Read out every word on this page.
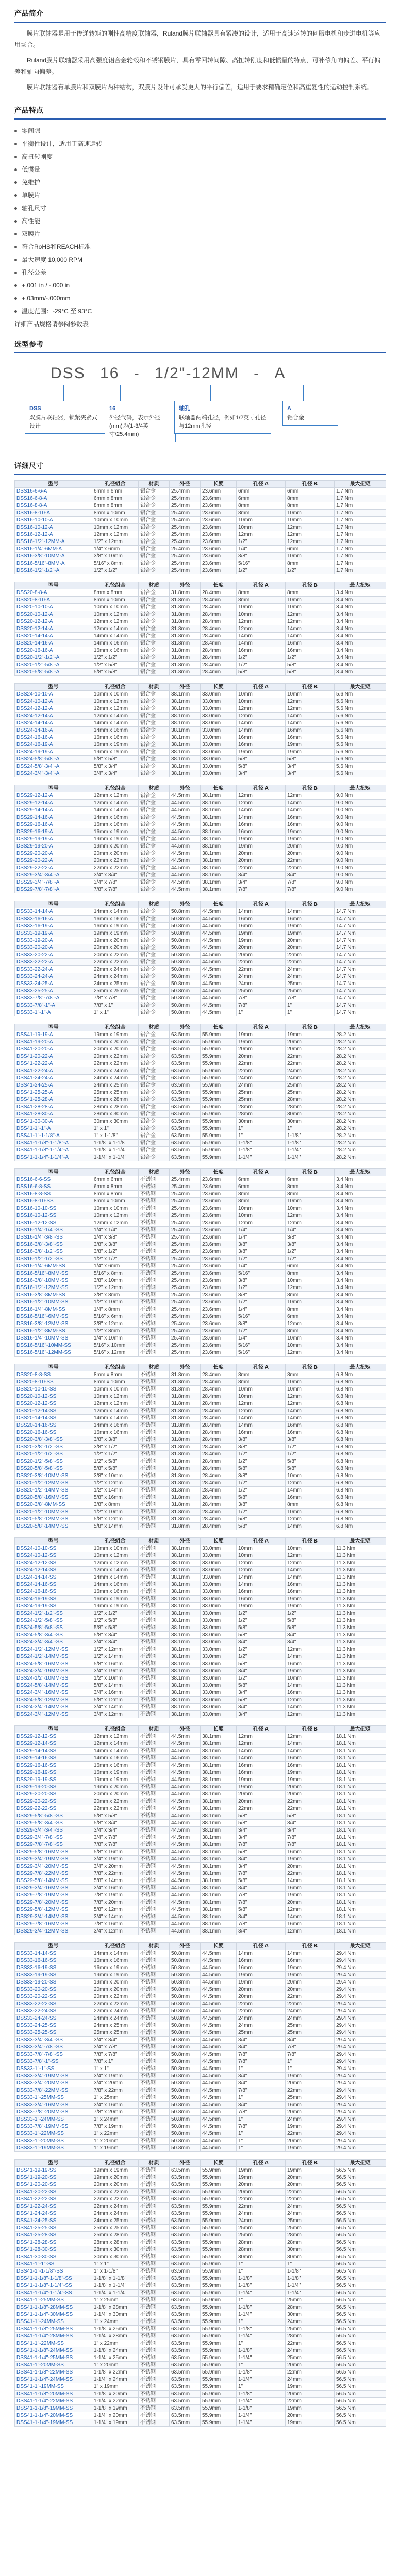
产品简介

膜片联轴器是用于传递转矩的刚性高精度联轴器，Ruland膜片联轴器具有紧凑的设计，适用于高速运转的伺服电机和步进电机等应用场合。

Ruland膜片联轴器采用高强度铝合金轮毂和不锈钢膜片，具有零回转间隙、高扭转刚度和低惯量的特点，可补偿角向偏差、平行偏差和轴向偏差。

膜片联轴器有单膜片和双膜片两种结构，双膜片设计可承受更大的平行偏差，适用于要求精确定位和高重复性的运动控制系统。

产品特点
零间隙
平衡性设计，适用于高速运转
高扭转刚度
低惯量
免维护
单膜片
轴孔尺寸
高性能
双膜片
符合RoHS和REACH标准
最大速度 10,000 RPM
孔径公差
+.001 in / -.000 in
+.03mm/-.000mm
温度范围：-29°C 至 93°C
详细产品规格请参阅参数表
选型参考
DSS 16 - 1/2"-12MM - A
DSS
双膜片联轴器，锁紧夹紧式设计
16
外径代码，表示外径(mm)为(1-3/4英寸/25.4mm)
轴孔
联轴器两端孔径，例如1/2英寸孔径与12mm孔径
A
铝合金
详细尺寸
型号	孔径组合	材质	外径	长度	孔径 A	孔径 B	最大扭矩
DSS16-6-6-A	6mm x 6mm	铝合金	25.4mm	23.6mm	6mm	6mm	1.7 Nm
DSS16-6-8-A	6mm x 8mm	铝合金	25.4mm	23.6mm	6mm	8mm	1.7 Nm
DSS16-8-8-A	8mm x 8mm	铝合金	25.4mm	23.6mm	8mm	8mm	1.7 Nm
DSS16-8-10-A	8mm x 10mm	铝合金	25.4mm	23.6mm	8mm	10mm	1.7 Nm
DSS16-10-10-A	10mm x 10mm	铝合金	25.4mm	23.6mm	10mm	10mm	1.7 Nm
DSS16-10-12-A	10mm x 12mm	铝合金	25.4mm	23.6mm	10mm	12mm	1.7 Nm
DSS16-12-12-A	12mm x 12mm	铝合金	25.4mm	23.6mm	12mm	12mm	1.7 Nm
DSS16-1/2"-12MM-A	1/2" x 12mm	铝合金	25.4mm	23.6mm	1/2"	12mm	1.7 Nm
DSS16-1/4"-6MM-A	1/4" x 6mm	铝合金	25.4mm	23.6mm	1/4"	6mm	1.7 Nm
DSS16-3/8"-10MM-A	3/8" x 10mm	铝合金	25.4mm	23.6mm	3/8"	10mm	1.7 Nm
DSS16-5/16"-8MM-A	5/16" x 8mm	铝合金	25.4mm	23.6mm	5/16"	8mm	1.7 Nm
DSS16-1/2"-1/2"-A	1/2" x 1/2"	铝合金	25.4mm	23.6mm	1/2"	1/2"	1.7 Nm
型号	孔径组合	材质	外径	长度	孔径 A	孔径 B	最大扭矩
DSS20-8-8-A	8mm x 8mm	铝合金	31.8mm	28.4mm	8mm	8mm	3.4 Nm
DSS20-8-10-A	8mm x 10mm	铝合金	31.8mm	28.4mm	8mm	10mm	3.4 Nm
DSS20-10-10-A	10mm x 10mm	铝合金	31.8mm	28.4mm	10mm	10mm	3.4 Nm
DSS20-10-12-A	10mm x 12mm	铝合金	31.8mm	28.4mm	10mm	12mm	3.4 Nm
DSS20-12-12-A	12mm x 12mm	铝合金	31.8mm	28.4mm	12mm	12mm	3.4 Nm
DSS20-12-14-A	12mm x 14mm	铝合金	31.8mm	28.4mm	12mm	14mm	3.4 Nm
DSS20-14-14-A	14mm x 14mm	铝合金	31.8mm	28.4mm	14mm	14mm	3.4 Nm
DSS20-14-16-A	14mm x 16mm	铝合金	31.8mm	28.4mm	14mm	16mm	3.4 Nm
DSS20-16-16-A	16mm x 16mm	铝合金	31.8mm	28.4mm	16mm	16mm	3.4 Nm
DSS20-1/2"-1/2"-A	1/2" x 1/2"	铝合金	31.8mm	28.4mm	1/2"	1/2"	3.4 Nm
DSS20-1/2"-5/8"-A	1/2" x 5/8"	铝合金	31.8mm	28.4mm	1/2"	5/8"	3.4 Nm
DSS20-5/8"-5/8"-A	5/8" x 5/8"	铝合金	31.8mm	28.4mm	5/8"	5/8"	3.4 Nm
型号	孔径组合	材质	外径	长度	孔径 A	孔径 B	最大扭矩
DSS24-10-10-A	10mm x 10mm	铝合金	38.1mm	33.0mm	10mm	10mm	5.6 Nm
DSS24-10-12-A	10mm x 12mm	铝合金	38.1mm	33.0mm	10mm	12mm	5.6 Nm
DSS24-12-12-A	12mm x 12mm	铝合金	38.1mm	33.0mm	12mm	12mm	5.6 Nm
DSS24-12-14-A	12mm x 14mm	铝合金	38.1mm	33.0mm	12mm	14mm	5.6 Nm
DSS24-14-14-A	14mm x 14mm	铝合金	38.1mm	33.0mm	14mm	14mm	5.6 Nm
DSS24-14-16-A	14mm x 16mm	铝合金	38.1mm	33.0mm	14mm	16mm	5.6 Nm
DSS24-16-16-A	16mm x 16mm	铝合金	38.1mm	33.0mm	16mm	16mm	5.6 Nm
DSS24-16-19-A	16mm x 19mm	铝合金	38.1mm	33.0mm	16mm	19mm	5.6 Nm
DSS24-19-19-A	19mm x 19mm	铝合金	38.1mm	33.0mm	19mm	19mm	5.6 Nm
DSS24-5/8"-5/8"-A	5/8" x 5/8"	铝合金	38.1mm	33.0mm	5/8"	5/8"	5.6 Nm
DSS24-5/8"-3/4"-A	5/8" x 3/4"	铝合金	38.1mm	33.0mm	5/8"	3/4"	5.6 Nm
DSS24-3/4"-3/4"-A	3/4" x 3/4"	铝合金	38.1mm	33.0mm	3/4"	3/4"	5.6 Nm
型号	孔径组合	材质	外径	长度	孔径 A	孔径 B	最大扭矩
DSS29-12-12-A	12mm x 12mm	铝合金	44.5mm	38.1mm	12mm	12mm	9.0 Nm
DSS29-12-14-A	12mm x 14mm	铝合金	44.5mm	38.1mm	12mm	14mm	9.0 Nm
DSS29-14-14-A	14mm x 14mm	铝合金	44.5mm	38.1mm	14mm	14mm	9.0 Nm
DSS29-14-16-A	14mm x 16mm	铝合金	44.5mm	38.1mm	14mm	16mm	9.0 Nm
DSS29-16-16-A	16mm x 16mm	铝合金	44.5mm	38.1mm	16mm	16mm	9.0 Nm
DSS29-16-19-A	16mm x 19mm	铝合金	44.5mm	38.1mm	16mm	19mm	9.0 Nm
DSS29-19-19-A	19mm x 19mm	铝合金	44.5mm	38.1mm	19mm	19mm	9.0 Nm
DSS29-19-20-A	19mm x 20mm	铝合金	44.5mm	38.1mm	19mm	20mm	9.0 Nm
DSS29-20-20-A	20mm x 20mm	铝合金	44.5mm	38.1mm	20mm	20mm	9.0 Nm
DSS29-20-22-A	20mm x 22mm	铝合金	44.5mm	38.1mm	20mm	22mm	9.0 Nm
DSS29-22-22-A	22mm x 22mm	铝合金	44.5mm	38.1mm	22mm	22mm	9.0 Nm
DSS29-3/4"-3/4"-A	3/4" x 3/4"	铝合金	44.5mm	38.1mm	3/4"	3/4"	9.0 Nm
DSS29-3/4"-7/8"-A	3/4" x 7/8"	铝合金	44.5mm	38.1mm	3/4"	7/8"	9.0 Nm
DSS29-7/8"-7/8"-A	7/8" x 7/8"	铝合金	44.5mm	38.1mm	7/8"	7/8"	9.0 Nm
型号	孔径组合	材质	外径	长度	孔径 A	孔径 B	最大扭矩
DSS33-14-14-A	14mm x 14mm	铝合金	50.8mm	44.5mm	14mm	14mm	14.7 Nm
DSS33-16-16-A	16mm x 16mm	铝合金	50.8mm	44.5mm	16mm	16mm	14.7 Nm
DSS33-16-19-A	16mm x 19mm	铝合金	50.8mm	44.5mm	16mm	19mm	14.7 Nm
DSS33-19-19-A	19mm x 19mm	铝合金	50.8mm	44.5mm	19mm	19mm	14.7 Nm
DSS33-19-20-A	19mm x 20mm	铝合金	50.8mm	44.5mm	19mm	20mm	14.7 Nm
DSS33-20-20-A	20mm x 20mm	铝合金	50.8mm	44.5mm	20mm	20mm	14.7 Nm
DSS33-20-22-A	20mm x 22mm	铝合金	50.8mm	44.5mm	20mm	22mm	14.7 Nm
DSS33-22-22-A	22mm x 22mm	铝合金	50.8mm	44.5mm	22mm	22mm	14.7 Nm
DSS33-22-24-A	22mm x 24mm	铝合金	50.8mm	44.5mm	22mm	24mm	14.7 Nm
DSS33-24-24-A	24mm x 24mm	铝合金	50.8mm	44.5mm	24mm	24mm	14.7 Nm
DSS33-24-25-A	24mm x 25mm	铝合金	50.8mm	44.5mm	24mm	25mm	14.7 Nm
DSS33-25-25-A	25mm x 25mm	铝合金	50.8mm	44.5mm	25mm	25mm	14.7 Nm
DSS33-7/8"-7/8"-A	7/8" x 7/8"	铝合金	50.8mm	44.5mm	7/8"	7/8"	14.7 Nm
DSS33-7/8"-1"-A	7/8" x 1"	铝合金	50.8mm	44.5mm	7/8"	1"	14.7 Nm
DSS33-1"-1"-A	1" x 1"	铝合金	50.8mm	44.5mm	1"	1"	14.7 Nm
型号	孔径组合	材质	外径	长度	孔径 A	孔径 B	最大扭矩
DSS41-19-19-A	19mm x 19mm	铝合金	63.5mm	55.9mm	19mm	19mm	28.2 Nm
DSS41-19-20-A	19mm x 20mm	铝合金	63.5mm	55.9mm	19mm	20mm	28.2 Nm
DSS41-20-20-A	20mm x 20mm	铝合金	63.5mm	55.9mm	20mm	20mm	28.2 Nm
DSS41-20-22-A	20mm x 22mm	铝合金	63.5mm	55.9mm	20mm	22mm	28.2 Nm
DSS41-22-22-A	22mm x 22mm	铝合金	63.5mm	55.9mm	22mm	22mm	28.2 Nm
DSS41-22-24-A	22mm x 24mm	铝合金	63.5mm	55.9mm	22mm	24mm	28.2 Nm
DSS41-24-24-A	24mm x 24mm	铝合金	63.5mm	55.9mm	24mm	24mm	28.2 Nm
DSS41-24-25-A	24mm x 25mm	铝合金	63.5mm	55.9mm	24mm	25mm	28.2 Nm
DSS41-25-25-A	25mm x 25mm	铝合金	63.5mm	55.9mm	25mm	25mm	28.2 Nm
DSS41-25-28-A	25mm x 28mm	铝合金	63.5mm	55.9mm	25mm	28mm	28.2 Nm
DSS41-28-28-A	28mm x 28mm	铝合金	63.5mm	55.9mm	28mm	28mm	28.2 Nm
DSS41-28-30-A	28mm x 30mm	铝合金	63.5mm	55.9mm	28mm	30mm	28.2 Nm
DSS41-30-30-A	30mm x 30mm	铝合金	63.5mm	55.9mm	30mm	30mm	28.2 Nm
DSS41-1"-1"-A	1" x 1"	铝合金	63.5mm	55.9mm	1"	1"	28.2 Nm
DSS41-1"-1-1/8"-A	1" x 1-1/8"	铝合金	63.5mm	55.9mm	1"	1-1/8"	28.2 Nm
DSS41-1-1/8"-1-1/8"-A	1-1/8" x 1-1/8"	铝合金	63.5mm	55.9mm	1-1/8"	1-1/8"	28.2 Nm
DSS41-1-1/8"-1-1/4"-A	1-1/8" x 1-1/4"	铝合金	63.5mm	55.9mm	1-1/8"	1-1/4"	28.2 Nm
DSS41-1-1/4"-1-1/4"-A	1-1/4" x 1-1/4"	铝合金	63.5mm	55.9mm	1-1/4"	1-1/4"	28.2 Nm
型号	孔径组合	材质	外径	长度	孔径 A	孔径 B	最大扭矩
DSS16-6-6-SS	6mm x 6mm	不锈钢	25.4mm	23.6mm	6mm	6mm	3.4 Nm
DSS16-6-8-SS	6mm x 8mm	不锈钢	25.4mm	23.6mm	6mm	8mm	3.4 Nm
DSS16-8-8-SS	8mm x 8mm	不锈钢	25.4mm	23.6mm	8mm	8mm	3.4 Nm
DSS16-8-10-SS	8mm x 10mm	不锈钢	25.4mm	23.6mm	8mm	10mm	3.4 Nm
DSS16-10-10-SS	10mm x 10mm	不锈钢	25.4mm	23.6mm	10mm	10mm	3.4 Nm
DSS16-10-12-SS	10mm x 12mm	不锈钢	25.4mm	23.6mm	10mm	12mm	3.4 Nm
DSS16-12-12-SS	12mm x 12mm	不锈钢	25.4mm	23.6mm	12mm	12mm	3.4 Nm
DSS16-1/4"-1/4"-SS	1/4" x 1/4"	不锈钢	25.4mm	23.6mm	1/4"	1/4"	3.4 Nm
DSS16-1/4"-3/8"-SS	1/4" x 3/8"	不锈钢	25.4mm	23.6mm	1/4"	3/8"	3.4 Nm
DSS16-3/8"-3/8"-SS	3/8" x 3/8"	不锈钢	25.4mm	23.6mm	3/8"	3/8"	3.4 Nm
DSS16-3/8"-1/2"-SS	3/8" x 1/2"	不锈钢	25.4mm	23.6mm	3/8"	1/2"	3.4 Nm
DSS16-1/2"-1/2"-SS	1/2" x 1/2"	不锈钢	25.4mm	23.6mm	1/2"	1/2"	3.4 Nm
DSS16-1/4"-6MM-SS	1/4" x 6mm	不锈钢	25.4mm	23.6mm	1/4"	6mm	3.4 Nm
DSS16-5/16"-8MM-SS	5/16" x 8mm	不锈钢	25.4mm	23.6mm	5/16"	8mm	3.4 Nm
DSS16-3/8"-10MM-SS	3/8" x 10mm	不锈钢	25.4mm	23.6mm	3/8"	10mm	3.4 Nm
DSS16-1/2"-12MM-SS	1/2" x 12mm	不锈钢	25.4mm	23.6mm	1/2"	12mm	3.4 Nm
DSS16-3/8"-8MM-SS	3/8" x 8mm	不锈钢	25.4mm	23.6mm	3/8"	8mm	3.4 Nm
DSS16-1/2"-10MM-SS	1/2" x 10mm	不锈钢	25.4mm	23.6mm	1/2"	10mm	3.4 Nm
DSS16-1/4"-8MM-SS	1/4" x 8mm	不锈钢	25.4mm	23.6mm	1/4"	8mm	3.4 Nm
DSS16-5/16"-6MM-SS	5/16" x 6mm	不锈钢	25.4mm	23.6mm	5/16"	6mm	3.4 Nm
DSS16-3/8"-12MM-SS	3/8" x 12mm	不锈钢	25.4mm	23.6mm	3/8"	12mm	3.4 Nm
DSS16-1/2"-8MM-SS	1/2" x 8mm	不锈钢	25.4mm	23.6mm	1/2"	8mm	3.4 Nm
DSS16-1/4"-10MM-SS	1/4" x 10mm	不锈钢	25.4mm	23.6mm	1/4"	10mm	3.4 Nm
DSS16-5/16"-10MM-SS	5/16" x 10mm	不锈钢	25.4mm	23.6mm	5/16"	10mm	3.4 Nm
DSS16-5/16"-12MM-SS	5/16" x 12mm	不锈钢	25.4mm	23.6mm	5/16"	12mm	3.4 Nm
型号	孔径组合	材质	外径	长度	孔径 A	孔径 B	最大扭矩
DSS20-8-8-SS	8mm x 8mm	不锈钢	31.8mm	28.4mm	8mm	8mm	6.8 Nm
DSS20-8-10-SS	8mm x 10mm	不锈钢	31.8mm	28.4mm	8mm	10mm	6.8 Nm
DSS20-10-10-SS	10mm x 10mm	不锈钢	31.8mm	28.4mm	10mm	10mm	6.8 Nm
DSS20-10-12-SS	10mm x 12mm	不锈钢	31.8mm	28.4mm	10mm	12mm	6.8 Nm
DSS20-12-12-SS	12mm x 12mm	不锈钢	31.8mm	28.4mm	12mm	12mm	6.8 Nm
DSS20-12-14-SS	12mm x 14mm	不锈钢	31.8mm	28.4mm	12mm	14mm	6.8 Nm
DSS20-14-14-SS	14mm x 14mm	不锈钢	31.8mm	28.4mm	14mm	14mm	6.8 Nm
DSS20-14-16-SS	14mm x 16mm	不锈钢	31.8mm	28.4mm	14mm	16mm	6.8 Nm
DSS20-16-16-SS	16mm x 16mm	不锈钢	31.8mm	28.4mm	16mm	16mm	6.8 Nm
DSS20-3/8"-3/8"-SS	3/8" x 3/8"	不锈钢	31.8mm	28.4mm	3/8"	3/8"	6.8 Nm
DSS20-3/8"-1/2"-SS	3/8" x 1/2"	不锈钢	31.8mm	28.4mm	3/8"	1/2"	6.8 Nm
DSS20-1/2"-1/2"-SS	1/2" x 1/2"	不锈钢	31.8mm	28.4mm	1/2"	1/2"	6.8 Nm
DSS20-1/2"-5/8"-SS	1/2" x 5/8"	不锈钢	31.8mm	28.4mm	1/2"	5/8"	6.8 Nm
DSS20-5/8"-5/8"-SS	5/8" x 5/8"	不锈钢	31.8mm	28.4mm	5/8"	5/8"	6.8 Nm
DSS20-3/8"-10MM-SS	3/8" x 10mm	不锈钢	31.8mm	28.4mm	3/8"	10mm	6.8 Nm
DSS20-1/2"-12MM-SS	1/2" x 12mm	不锈钢	31.8mm	28.4mm	1/2"	12mm	6.8 Nm
DSS20-1/2"-14MM-SS	1/2" x 14mm	不锈钢	31.8mm	28.4mm	1/2"	14mm	6.8 Nm
DSS20-5/8"-16MM-SS	5/8" x 16mm	不锈钢	31.8mm	28.4mm	5/8"	16mm	6.8 Nm
DSS20-3/8"-8MM-SS	3/8" x 8mm	不锈钢	31.8mm	28.4mm	3/8"	8mm	6.8 Nm
DSS20-1/2"-10MM-SS	1/2" x 10mm	不锈钢	31.8mm	28.4mm	1/2"	10mm	6.8 Nm
DSS20-5/8"-12MM-SS	5/8" x 12mm	不锈钢	31.8mm	28.4mm	5/8"	12mm	6.8 Nm
DSS20-5/8"-14MM-SS	5/8" x 14mm	不锈钢	31.8mm	28.4mm	5/8"	14mm	6.8 Nm
型号	孔径组合	材质	外径	长度	孔径 A	孔径 B	最大扭矩
DSS24-10-10-SS	10mm x 10mm	不锈钢	38.1mm	33.0mm	10mm	10mm	11.3 Nm
DSS24-10-12-SS	10mm x 12mm	不锈钢	38.1mm	33.0mm	10mm	12mm	11.3 Nm
DSS24-12-12-SS	12mm x 12mm	不锈钢	38.1mm	33.0mm	12mm	12mm	11.3 Nm
DSS24-12-14-SS	12mm x 14mm	不锈钢	38.1mm	33.0mm	12mm	14mm	11.3 Nm
DSS24-14-14-SS	14mm x 14mm	不锈钢	38.1mm	33.0mm	14mm	14mm	11.3 Nm
DSS24-14-16-SS	14mm x 16mm	不锈钢	38.1mm	33.0mm	14mm	16mm	11.3 Nm
DSS24-16-16-SS	16mm x 16mm	不锈钢	38.1mm	33.0mm	16mm	16mm	11.3 Nm
DSS24-16-19-SS	16mm x 19mm	不锈钢	38.1mm	33.0mm	16mm	19mm	11.3 Nm
DSS24-19-19-SS	19mm x 19mm	不锈钢	38.1mm	33.0mm	19mm	19mm	11.3 Nm
DSS24-1/2"-1/2"-SS	1/2" x 1/2"	不锈钢	38.1mm	33.0mm	1/2"	1/2"	11.3 Nm
DSS24-1/2"-5/8"-SS	1/2" x 5/8"	不锈钢	38.1mm	33.0mm	1/2"	5/8"	11.3 Nm
DSS24-5/8"-5/8"-SS	5/8" x 5/8"	不锈钢	38.1mm	33.0mm	5/8"	5/8"	11.3 Nm
DSS24-5/8"-3/4"-SS	5/8" x 3/4"	不锈钢	38.1mm	33.0mm	5/8"	3/4"	11.3 Nm
DSS24-3/4"-3/4"-SS	3/4" x 3/4"	不锈钢	38.1mm	33.0mm	3/4"	3/4"	11.3 Nm
DSS24-1/2"-12MM-SS	1/2" x 12mm	不锈钢	38.1mm	33.0mm	1/2"	12mm	11.3 Nm
DSS24-1/2"-14MM-SS	1/2" x 14mm	不锈钢	38.1mm	33.0mm	1/2"	14mm	11.3 Nm
DSS24-5/8"-16MM-SS	5/8" x 16mm	不锈钢	38.1mm	33.0mm	5/8"	16mm	11.3 Nm
DSS24-3/4"-19MM-SS	3/4" x 19mm	不锈钢	38.1mm	33.0mm	3/4"	19mm	11.3 Nm
DSS24-1/2"-10MM-SS	1/2" x 10mm	不锈钢	38.1mm	33.0mm	1/2"	10mm	11.3 Nm
DSS24-5/8"-14MM-SS	5/8" x 14mm	不锈钢	38.1mm	33.0mm	5/8"	14mm	11.3 Nm
DSS24-3/4"-16MM-SS	3/4" x 16mm	不锈钢	38.1mm	33.0mm	3/4"	16mm	11.3 Nm
DSS24-5/8"-12MM-SS	5/8" x 12mm	不锈钢	38.1mm	33.0mm	5/8"	12mm	11.3 Nm
DSS24-3/4"-14MM-SS	3/4" x 14mm	不锈钢	38.1mm	33.0mm	3/4"	14mm	11.3 Nm
DSS24-3/4"-12MM-SS	3/4" x 12mm	不锈钢	38.1mm	33.0mm	3/4"	12mm	11.3 Nm
型号	孔径组合	材质	外径	长度	孔径 A	孔径 B	最大扭矩
DSS29-12-12-SS	12mm x 12mm	不锈钢	44.5mm	38.1mm	12mm	12mm	18.1 Nm
DSS29-12-14-SS	12mm x 14mm	不锈钢	44.5mm	38.1mm	12mm	14mm	18.1 Nm
DSS29-14-14-SS	14mm x 14mm	不锈钢	44.5mm	38.1mm	14mm	14mm	18.1 Nm
DSS29-14-16-SS	14mm x 16mm	不锈钢	44.5mm	38.1mm	14mm	16mm	18.1 Nm
DSS29-16-16-SS	16mm x 16mm	不锈钢	44.5mm	38.1mm	16mm	16mm	18.1 Nm
DSS29-16-19-SS	16mm x 19mm	不锈钢	44.5mm	38.1mm	16mm	19mm	18.1 Nm
DSS29-19-19-SS	19mm x 19mm	不锈钢	44.5mm	38.1mm	19mm	19mm	18.1 Nm
DSS29-19-20-SS	19mm x 20mm	不锈钢	44.5mm	38.1mm	19mm	20mm	18.1 Nm
DSS29-20-20-SS	20mm x 20mm	不锈钢	44.5mm	38.1mm	20mm	20mm	18.1 Nm
DSS29-20-22-SS	20mm x 22mm	不锈钢	44.5mm	38.1mm	20mm	22mm	18.1 Nm
DSS29-22-22-SS	22mm x 22mm	不锈钢	44.5mm	38.1mm	22mm	22mm	18.1 Nm
DSS29-5/8"-5/8"-SS	5/8" x 5/8"	不锈钢	44.5mm	38.1mm	5/8"	5/8"	18.1 Nm
DSS29-5/8"-3/4"-SS	5/8" x 3/4"	不锈钢	44.5mm	38.1mm	5/8"	3/4"	18.1 Nm
DSS29-3/4"-3/4"-SS	3/4" x 3/4"	不锈钢	44.5mm	38.1mm	3/4"	3/4"	18.1 Nm
DSS29-3/4"-7/8"-SS	3/4" x 7/8"	不锈钢	44.5mm	38.1mm	3/4"	7/8"	18.1 Nm
DSS29-7/8"-7/8"-SS	7/8" x 7/8"	不锈钢	44.5mm	38.1mm	7/8"	7/8"	18.1 Nm
DSS29-5/8"-16MM-SS	5/8" x 16mm	不锈钢	44.5mm	38.1mm	5/8"	16mm	18.1 Nm
DSS29-3/4"-19MM-SS	3/4" x 19mm	不锈钢	44.5mm	38.1mm	3/4"	19mm	18.1 Nm
DSS29-3/4"-20MM-SS	3/4" x 20mm	不锈钢	44.5mm	38.1mm	3/4"	20mm	18.1 Nm
DSS29-7/8"-22MM-SS	7/8" x 22mm	不锈钢	44.5mm	38.1mm	7/8"	22mm	18.1 Nm
DSS29-5/8"-14MM-SS	5/8" x 14mm	不锈钢	44.5mm	38.1mm	5/8"	14mm	18.1 Nm
DSS29-3/4"-16MM-SS	3/4" x 16mm	不锈钢	44.5mm	38.1mm	3/4"	16mm	18.1 Nm
DSS29-7/8"-19MM-SS	7/8" x 19mm	不锈钢	44.5mm	38.1mm	7/8"	19mm	18.1 Nm
DSS29-7/8"-20MM-SS	7/8" x 20mm	不锈钢	44.5mm	38.1mm	7/8"	20mm	18.1 Nm
DSS29-5/8"-12MM-SS	5/8" x 12mm	不锈钢	44.5mm	38.1mm	5/8"	12mm	18.1 Nm
DSS29-3/4"-14MM-SS	3/4" x 14mm	不锈钢	44.5mm	38.1mm	3/4"	14mm	18.1 Nm
DSS29-7/8"-16MM-SS	7/8" x 16mm	不锈钢	44.5mm	38.1mm	7/8"	16mm	18.1 Nm
DSS29-3/4"-12MM-SS	3/4" x 12mm	不锈钢	44.5mm	38.1mm	3/4"	12mm	18.1 Nm
型号	孔径组合	材质	外径	长度	孔径 A	孔径 B	最大扭矩
DSS33-14-14-SS	14mm x 14mm	不锈钢	50.8mm	44.5mm	14mm	14mm	29.4 Nm
DSS33-16-16-SS	16mm x 16mm	不锈钢	50.8mm	44.5mm	16mm	16mm	29.4 Nm
DSS33-16-19-SS	16mm x 19mm	不锈钢	50.8mm	44.5mm	16mm	19mm	29.4 Nm
DSS33-19-19-SS	19mm x 19mm	不锈钢	50.8mm	44.5mm	19mm	19mm	29.4 Nm
DSS33-19-20-SS	19mm x 20mm	不锈钢	50.8mm	44.5mm	19mm	20mm	29.4 Nm
DSS33-20-20-SS	20mm x 20mm	不锈钢	50.8mm	44.5mm	20mm	20mm	29.4 Nm
DSS33-20-22-SS	20mm x 22mm	不锈钢	50.8mm	44.5mm	20mm	22mm	29.4 Nm
DSS33-22-22-SS	22mm x 22mm	不锈钢	50.8mm	44.5mm	22mm	22mm	29.4 Nm
DSS33-22-24-SS	22mm x 24mm	不锈钢	50.8mm	44.5mm	22mm	24mm	29.4 Nm
DSS33-24-24-SS	24mm x 24mm	不锈钢	50.8mm	44.5mm	24mm	24mm	29.4 Nm
DSS33-24-25-SS	24mm x 25mm	不锈钢	50.8mm	44.5mm	24mm	25mm	29.4 Nm
DSS33-25-25-SS	25mm x 25mm	不锈钢	50.8mm	44.5mm	25mm	25mm	29.4 Nm
DSS33-3/4"-3/4"-SS	3/4" x 3/4"	不锈钢	50.8mm	44.5mm	3/4"	3/4"	29.4 Nm
DSS33-3/4"-7/8"-SS	3/4" x 7/8"	不锈钢	50.8mm	44.5mm	3/4"	7/8"	29.4 Nm
DSS33-7/8"-7/8"-SS	7/8" x 7/8"	不锈钢	50.8mm	44.5mm	7/8"	7/8"	29.4 Nm
DSS33-7/8"-1"-SS	7/8" x 1"	不锈钢	50.8mm	44.5mm	7/8"	1"	29.4 Nm
DSS33-1"-1"-SS	1" x 1"	不锈钢	50.8mm	44.5mm	1"	1"	29.4 Nm
DSS33-3/4"-19MM-SS	3/4" x 19mm	不锈钢	50.8mm	44.5mm	3/4"	19mm	29.4 Nm
DSS33-3/4"-20MM-SS	3/4" x 20mm	不锈钢	50.8mm	44.5mm	3/4"	20mm	29.4 Nm
DSS33-7/8"-22MM-SS	7/8" x 22mm	不锈钢	50.8mm	44.5mm	7/8"	22mm	29.4 Nm
DSS33-1"-25MM-SS	1" x 25mm	不锈钢	50.8mm	44.5mm	1"	25mm	29.4 Nm
DSS33-3/4"-16MM-SS	3/4" x 16mm	不锈钢	50.8mm	44.5mm	3/4"	16mm	29.4 Nm
DSS33-7/8"-20MM-SS	7/8" x 20mm	不锈钢	50.8mm	44.5mm	7/8"	20mm	29.4 Nm
DSS33-1"-24MM-SS	1" x 24mm	不锈钢	50.8mm	44.5mm	1"	24mm	29.4 Nm
DSS33-7/8"-19MM-SS	7/8" x 19mm	不锈钢	50.8mm	44.5mm	7/8"	19mm	29.4 Nm
DSS33-1"-22MM-SS	1" x 22mm	不锈钢	50.8mm	44.5mm	1"	22mm	29.4 Nm
DSS33-1"-20MM-SS	1" x 20mm	不锈钢	50.8mm	44.5mm	1"	20mm	29.4 Nm
DSS33-1"-19MM-SS	1" x 19mm	不锈钢	50.8mm	44.5mm	1"	19mm	29.4 Nm
型号	孔径组合	材质	外径	长度	孔径 A	孔径 B	最大扭矩
DSS41-19-19-SS	19mm x 19mm	不锈钢	63.5mm	55.9mm	19mm	19mm	56.5 Nm
DSS41-19-20-SS	19mm x 20mm	不锈钢	63.5mm	55.9mm	19mm	20mm	56.5 Nm
DSS41-20-20-SS	20mm x 20mm	不锈钢	63.5mm	55.9mm	20mm	20mm	56.5 Nm
DSS41-20-22-SS	20mm x 22mm	不锈钢	63.5mm	55.9mm	20mm	22mm	56.5 Nm
DSS41-22-22-SS	22mm x 22mm	不锈钢	63.5mm	55.9mm	22mm	22mm	56.5 Nm
DSS41-22-24-SS	22mm x 24mm	不锈钢	63.5mm	55.9mm	22mm	24mm	56.5 Nm
DSS41-24-24-SS	24mm x 24mm	不锈钢	63.5mm	55.9mm	24mm	24mm	56.5 Nm
DSS41-24-25-SS	24mm x 25mm	不锈钢	63.5mm	55.9mm	24mm	25mm	56.5 Nm
DSS41-25-25-SS	25mm x 25mm	不锈钢	63.5mm	55.9mm	25mm	25mm	56.5 Nm
DSS41-25-28-SS	25mm x 28mm	不锈钢	63.5mm	55.9mm	25mm	28mm	56.5 Nm
DSS41-28-28-SS	28mm x 28mm	不锈钢	63.5mm	55.9mm	28mm	28mm	56.5 Nm
DSS41-28-30-SS	28mm x 30mm	不锈钢	63.5mm	55.9mm	28mm	30mm	56.5 Nm
DSS41-30-30-SS	30mm x 30mm	不锈钢	63.5mm	55.9mm	30mm	30mm	56.5 Nm
DSS41-1"-1"-SS	1" x 1"	不锈钢	63.5mm	55.9mm	1"	1"	56.5 Nm
DSS41-1"-1-1/8"-SS	1" x 1-1/8"	不锈钢	63.5mm	55.9mm	1"	1-1/8"	56.5 Nm
DSS41-1-1/8"-1-1/8"-SS	1-1/8" x 1-1/8"	不锈钢	63.5mm	55.9mm	1-1/8"	1-1/8"	56.5 Nm
DSS41-1-1/8"-1-1/4"-SS	1-1/8" x 1-1/4"	不锈钢	63.5mm	55.9mm	1-1/8"	1-1/4"	56.5 Nm
DSS41-1-1/4"-1-1/4"-SS	1-1/4" x 1-1/4"	不锈钢	63.5mm	55.9mm	1-1/4"	1-1/4"	56.5 Nm
DSS41-1"-25MM-SS	1" x 25mm	不锈钢	63.5mm	55.9mm	1"	25mm	56.5 Nm
DSS41-1-1/8"-28MM-SS	1-1/8" x 28mm	不锈钢	63.5mm	55.9mm	1-1/8"	28mm	56.5 Nm
DSS41-1-1/4"-30MM-SS	1-1/4" x 30mm	不锈钢	63.5mm	55.9mm	1-1/4"	30mm	56.5 Nm
DSS41-1"-24MM-SS	1" x 24mm	不锈钢	63.5mm	55.9mm	1"	24mm	56.5 Nm
DSS41-1-1/8"-25MM-SS	1-1/8" x 25mm	不锈钢	63.5mm	55.9mm	1-1/8"	25mm	56.5 Nm
DSS41-1-1/4"-28MM-SS	1-1/4" x 28mm	不锈钢	63.5mm	55.9mm	1-1/4"	28mm	56.5 Nm
DSS41-1"-22MM-SS	1" x 22mm	不锈钢	63.5mm	55.9mm	1"	22mm	56.5 Nm
DSS41-1-1/8"-24MM-SS	1-1/8" x 24mm	不锈钢	63.5mm	55.9mm	1-1/8"	24mm	56.5 Nm
DSS41-1-1/4"-25MM-SS	1-1/4" x 25mm	不锈钢	63.5mm	55.9mm	1-1/4"	25mm	56.5 Nm
DSS41-1"-20MM-SS	1" x 20mm	不锈钢	63.5mm	55.9mm	1"	20mm	56.5 Nm
DSS41-1-1/8"-22MM-SS	1-1/8" x 22mm	不锈钢	63.5mm	55.9mm	1-1/8"	22mm	56.5 Nm
DSS41-1-1/4"-24MM-SS	1-1/4" x 24mm	不锈钢	63.5mm	55.9mm	1-1/4"	24mm	56.5 Nm
DSS41-1"-19MM-SS	1" x 19mm	不锈钢	63.5mm	55.9mm	1"	19mm	56.5 Nm
DSS41-1-1/8"-20MM-SS	1-1/8" x 20mm	不锈钢	63.5mm	55.9mm	1-1/8"	20mm	56.5 Nm
DSS41-1-1/4"-22MM-SS	1-1/4" x 22mm	不锈钢	63.5mm	55.9mm	1-1/4"	22mm	56.5 Nm
DSS41-1-1/8"-19MM-SS	1-1/8" x 19mm	不锈钢	63.5mm	55.9mm	1-1/8"	19mm	56.5 Nm
DSS41-1-1/4"-20MM-SS	1-1/4" x 20mm	不锈钢	63.5mm	55.9mm	1-1/4"	20mm	56.5 Nm
DSS41-1-1/4"-19MM-SS	1-1/4" x 19mm	不锈钢	63.5mm	55.9mm	1-1/4"	19mm	56.5 Nm
